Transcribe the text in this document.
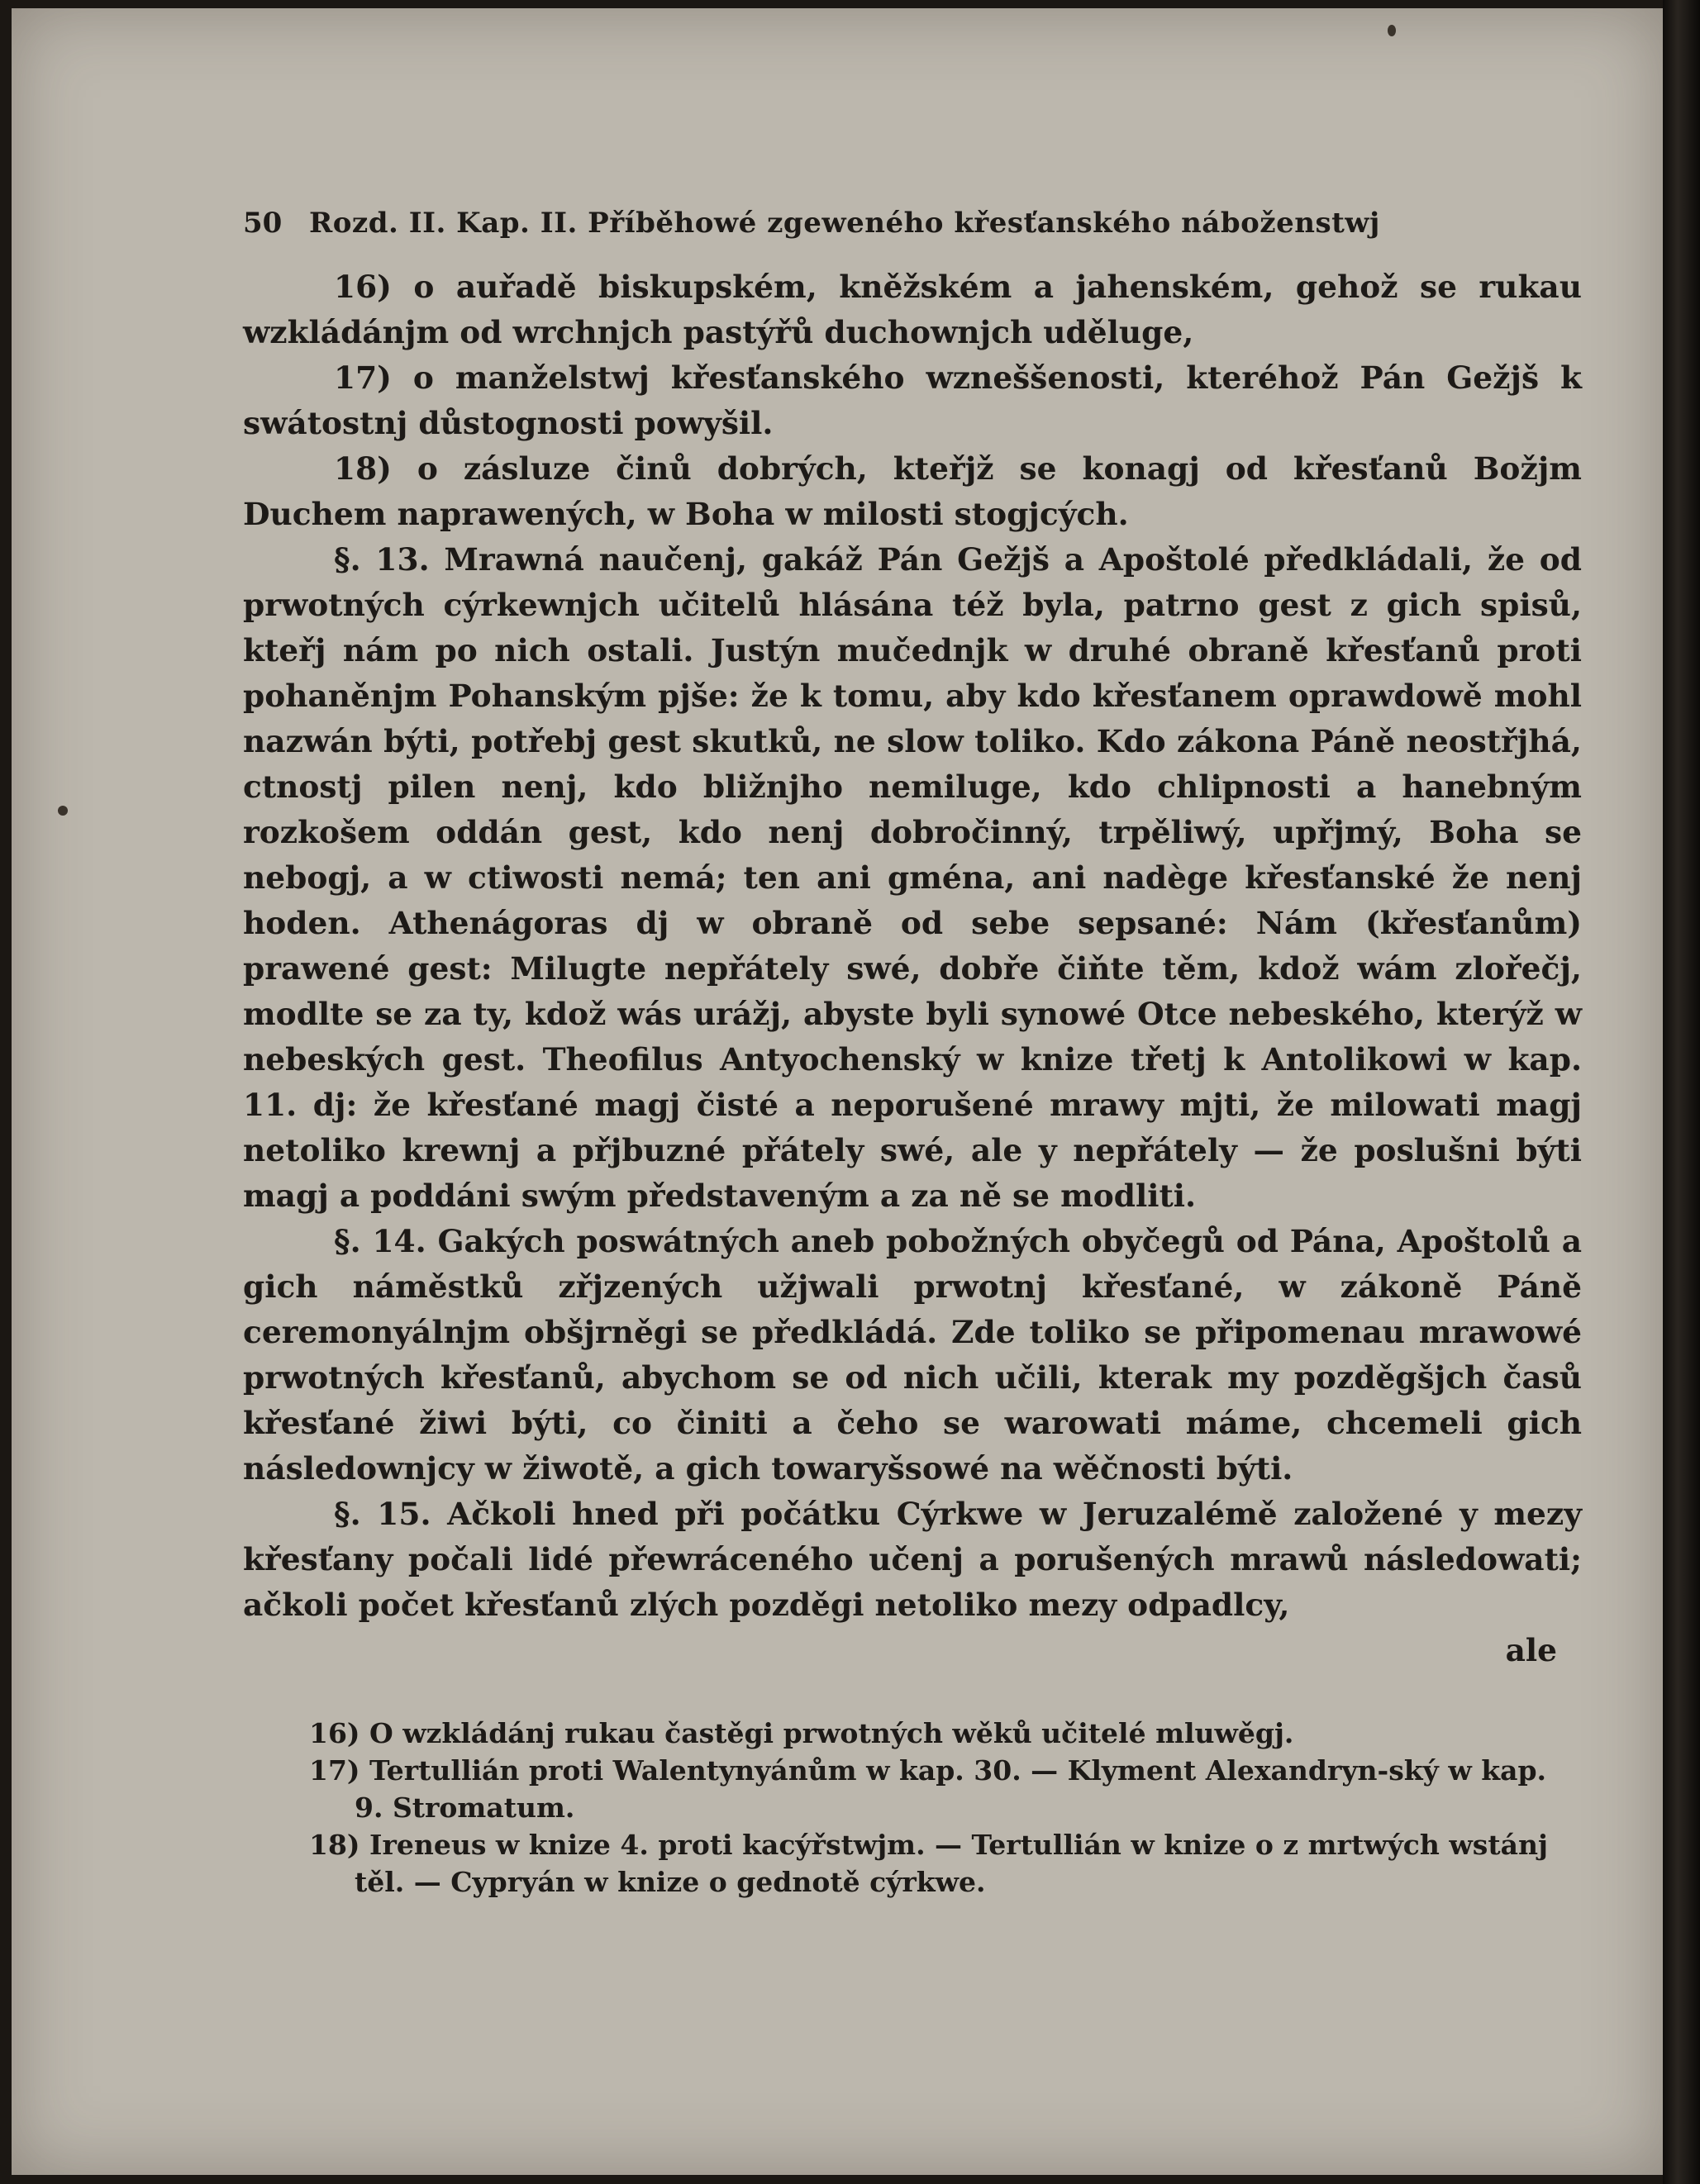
50 Rozd. II. Kap. II. Příběhowé zgeweného křesťanského náboženstwj

16) o auřadě biskupském, kněžském a jahenském, gehož se rukau wzkládánjm od wrchnjch pastýřů duchownjch uděluge,

17) o manželstwj křesťanského wzneššenosti, kteréhož Pán Gežjš k swátostnj důstognosti powyšil.

18) o zásluze činů dobrých, kteřjž se konagj od křesťanů Božjm Duchem naprawených, w Boha w milosti stogjcých.

§. 13. Mrawná naučenj, gakáž Pán Gežjš a Apoštolé předkládali, že od prwotných cýrkewnjch učitelů hlásána též byla, patrno gest z gich spisů, kteřj nám po nich ostali. Justýn mučednjk w druhé obraně křesťanů proti pohaněnjm Pohanským pjše: že k tomu, aby kdo křesťanem oprawdowě mohl nazwán býti, potřebj gest skutků, ne slow toliko. Kdo zákona Páně neostřjhá, ctnostj pilen nenj, kdo bližnjho nemiluge, kdo chlipnosti a hanebným rozkošem oddán gest, kdo nenj dobročinný, trpěliwý, upřjmý, Boha se nebogj, a w ctiwosti nemá; ten ani gména, ani nadège křesťanské že nenj hoden. Athenágoras dj w obraně od sebe sepsané: Nám (křesťanům) prawené gest: Milugte nepřátely swé, dobře čiňte těm, kdož wám zlořečj, modlte se za ty, kdož wás urážj, abyste byli synowé Otce nebeského, kterýž w nebeských gest. Theofilus Antyochenský w knize třetj k Antolikowi w kap. 11. dj: že křesťané magj čisté a neporušené mrawy mjti, že milowati magj netoliko krewnj a přjbuzné přátely swé, ale y nepřátely — že poslušni býti magj a poddáni swým představeným a za ně se modliti.

§. 14. Gakých poswátných aneb pobožných obyčegů od Pána, Apoštolů a gich náměstků zřjzených užjwali prwotnj křesťané, w zákoně Páně ceremonyálnjm obšjrněgi se předkládá. Zde toliko se připomenau mrawowé prwotných křesťanů, abychom se od nich učili, kterak my pozděgšjch časů křesťané žiwi býti, co činiti a čeho se warowati máme, chcemeli gich následownjcy w žiwotě, a gich towaryšsowé na wěčnosti býti.

§. 15. Ačkoli hned při počátku Cýrkwe w Jeruzalémě založené y mezy křesťany počali lidé přewráceného učenj a porušených mrawů následowati; ačkoli počet křesťanů zlých pozděgi netoliko mezy odpadlcy,

ale

16) O wzkládánj rukau častěgi prwotných wěků učitelé mluwěgj.

17) Tertullián proti Walentynyánům w kap. 30. — Klyment Alexandryn-ský w kap. 9. Stromatum.

18) Ireneus w knize 4. proti kacýřstwjm. — Tertullián w knize o z mrtwých wstánj těl. — Cypryán w knize o gednotě cýrkwe.
